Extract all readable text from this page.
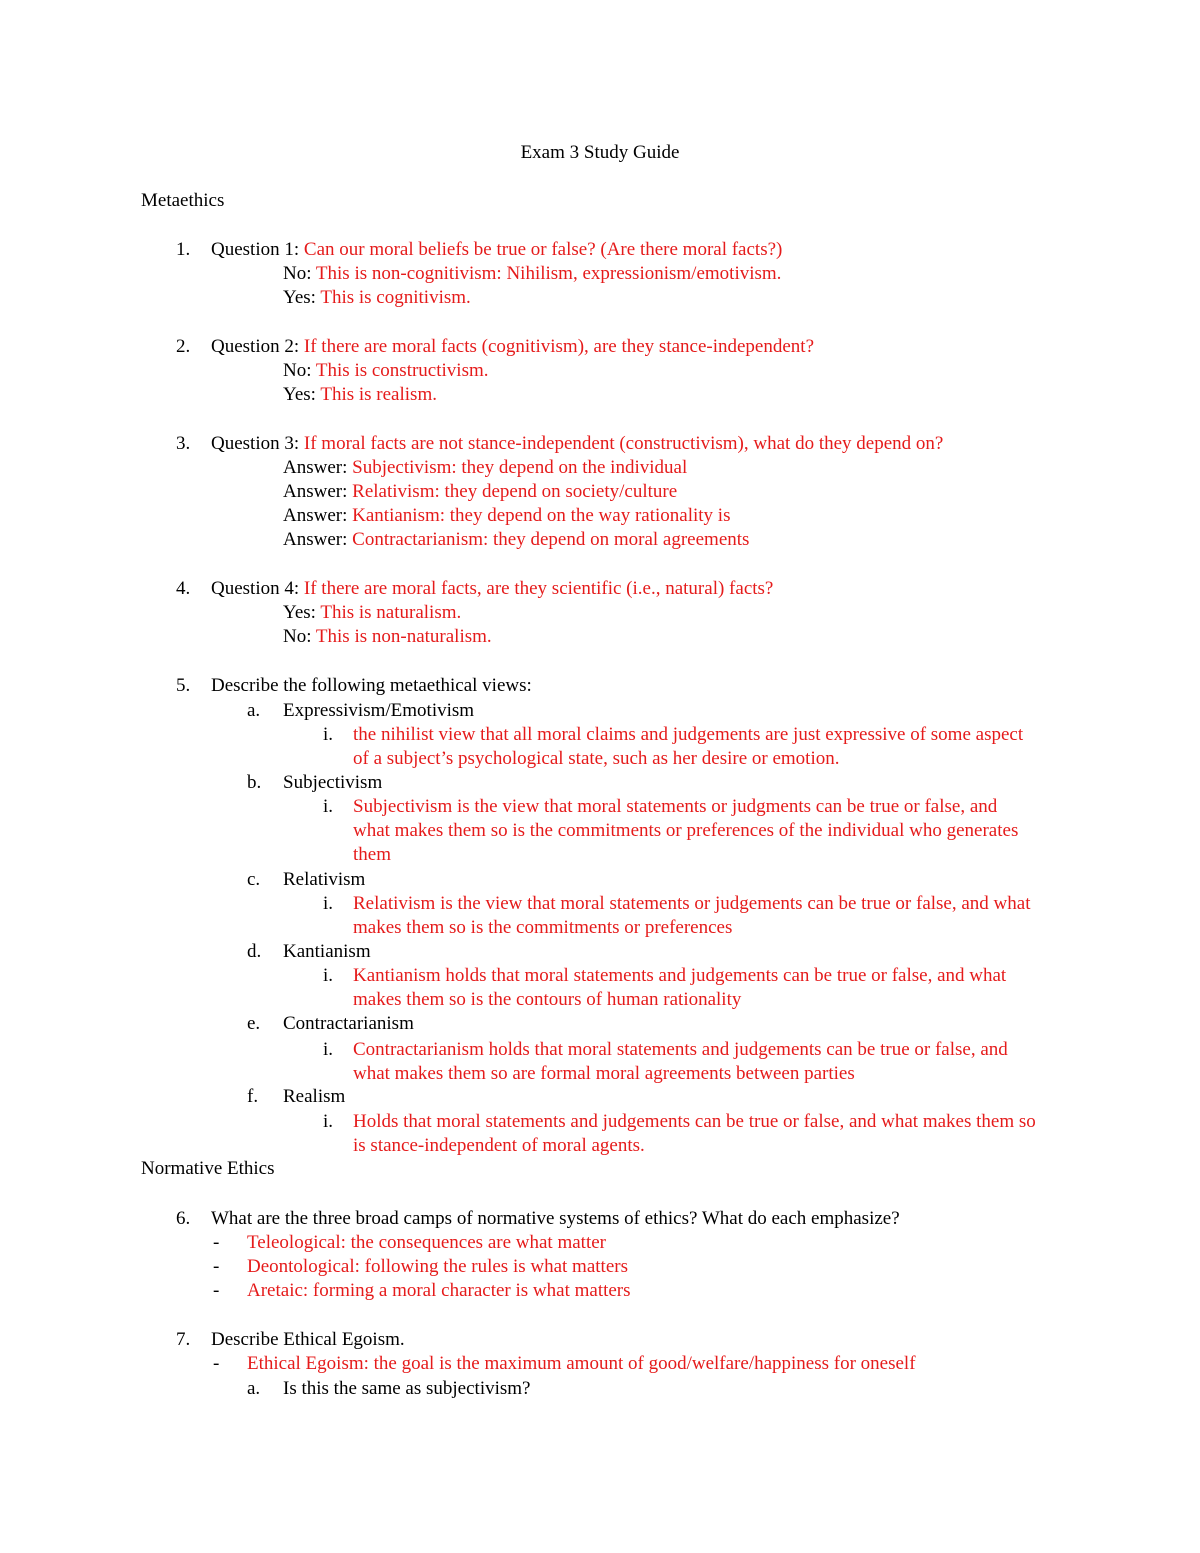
Exam 3 Study Guide
Metaethics
1. Question 1: Can our moral beliefs be true or false? (Are there moral facts?)
No: This is non-cognitivism: Nihilism, expressionism/emotivism.
Yes: This is cognitivism.
2. Question 2: If there are moral facts (cognitivism), are they stance-independent?
No: This is constructivism.
Yes: This is realism.
3. Question 3: If moral facts are not stance-independent (constructivism), what do they depend on?
Answer: Subjectivism: they depend on the individual
Answer: Relativism: they depend on society/culture
Answer: Kantianism: they depend on the way rationality is
Answer: Contractarianism: they depend on moral agreements
4. Question 4: If there are moral facts, are they scientific (i.e., natural) facts?
Yes: This is naturalism.
No: This is non-naturalism.
5. Describe the following metaethical views:
a. Expressivism/Emotivism
i. the nihilist view that all moral claims and judgements are just expressive of some aspect
of a subject’s psychological state, such as her desire or emotion.
b. Subjectivism
i. Subjectivism is the view that moral statements or judgments can be true or false, and
what makes them so is the commitments or preferences of the individual who generates
them
c. Relativism
i. Relativism is the view that moral statements or judgements can be true or false, and what
makes them so is the commitments or preferences
d. Kantianism
i. Kantianism holds that moral statements and judgements can be true or false, and what
makes them so is the contours of human rationality
e. Contractarianism
i. Contractarianism holds that moral statements and judgements can be true or false, and
what makes them so are formal moral agreements between parties
f. Realism
i. Holds that moral statements and judgements can be true or false, and what makes them so
is stance-independent of moral agents.
Normative Ethics
6. What are the three broad camps of normative systems of ethics? What do each emphasize?
- Teleological: the consequences are what matter
- Deontological: following the rules is what matters
- Aretaic: forming a moral character is what matters
7. Describe Ethical Egoism.
- Ethical Egoism: the goal is the maximum amount of good/welfare/happiness for oneself
a. Is this the same as subjectivism?
